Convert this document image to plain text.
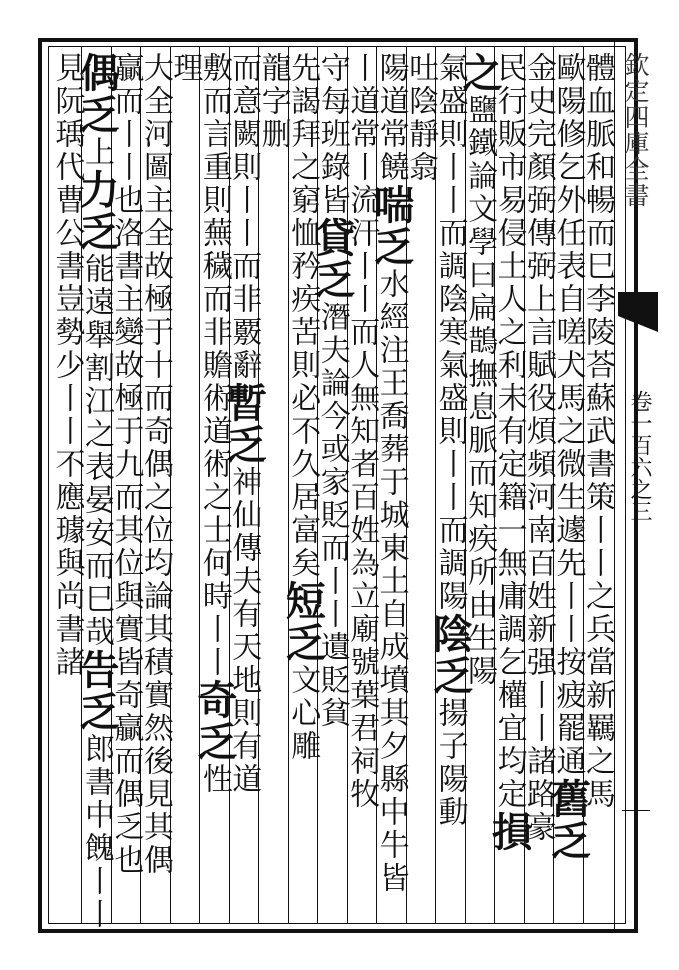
欽定四庫全書
卷一百六之三
體血脈和暢而巳李陵荅蘇武書策丨丨之兵當新羈之馬
歐陽修乞外任表自嗟犬馬之微生遽先丨丨按疲罷通舊乏
金史完顏弼傳弼上言賦役煩頻河南百姓新强丨丨諸路豪
民行販市易侵土人之利未有定籍一無庸調乞權宜均定損
之鹽鐵論文學曰扁鵲撫息脈而知疾所由生陽
氣盛則丨丨而調陰寒氣盛則丨丨而調陽陰乏揚子陽動
吐陰靜翕
陽道常饒喘乏水經注王喬葬于城東土自成墳其夕縣中牛皆
丨道常丨流汗丨丨而人無知者百姓為立廟號葉君祠牧
守每班錄皆貸乏潛夫論今或家貶而丨丨遺貶貧
先謁拜之窮恤矜疾苦則必不久居富矣短乏文心雕
龍字删
而意闕則丨丨而非覈辭暫乏神仙傳夫有天地則有道
敷而言重則蕪穢而非贍術道術之士何時丨丨奇乏性
理
大全河圖主全故極于十而奇偶之位均論其積實然後見其偶
贏而丨丨也洛書主變故極于九而其位與實皆奇贏而偶乏也
偶乏上力乏能遠舉割江之表晏安而巳哉告乏郎書中餽丨丨
見阮瑀代曹公書豈勢少丨丨不應璩與尚書諸
